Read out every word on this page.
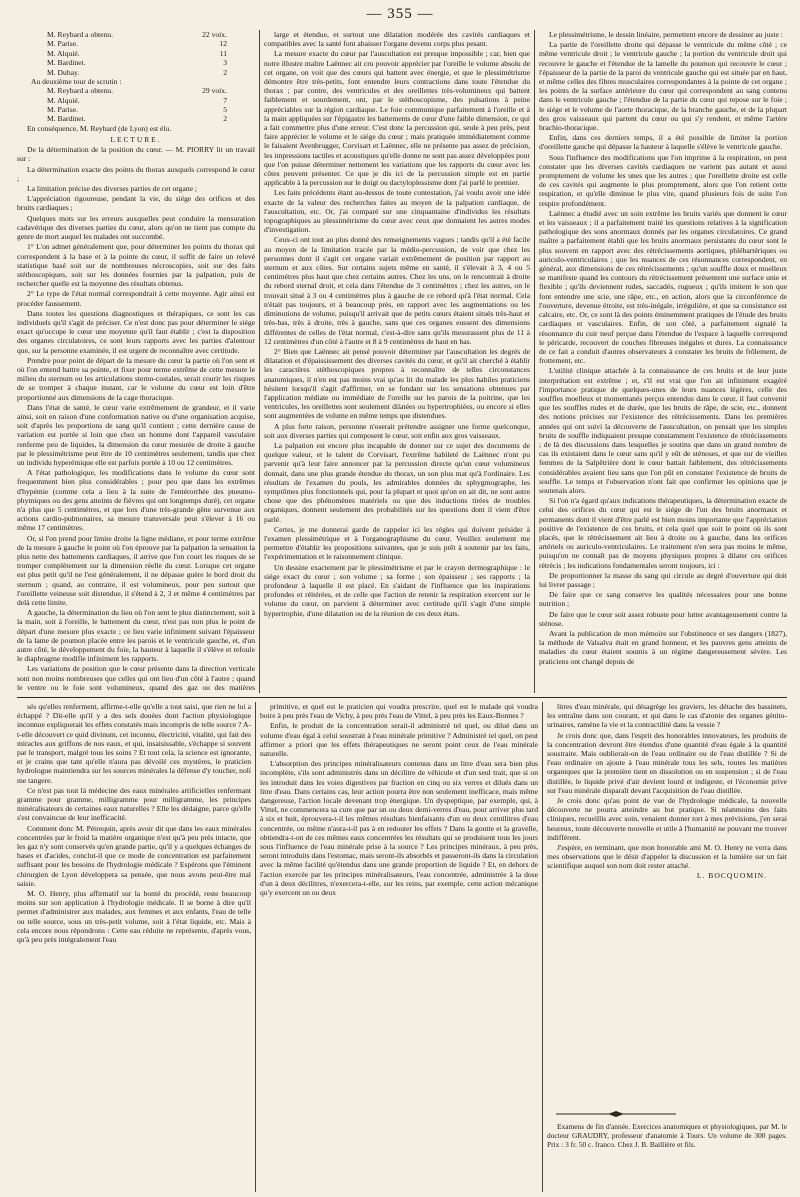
— 355 —
M. Reybard a obtenu.	22 voix.
M. Parise.	12
M. Alquié.	11
M. Bardinet.	3
M. Dubay.	2
Au deuxième tour de scrutin :
M. Reybard a obtenu.	29 voix.
M. Alquié.	7
M. Parise.	5
M. Bardinet.	2

En conséquence, M. Reybard (de Lyon) est élu.

LECTURE.

De la détermination de la position du cœur. — M. PIORRY lit un travail sur :

La détermination exacte des points du thorax auxquels correspond le cœur ;

La limitation précise des diverses parties de cet organe ;

L'appréciation rigoureuse, pendant la vie, du siége des orifices et des bruits cardiaques ;

Quelques mots sur les erreurs auxquelles peut conduire la mensuration cadavérique des diverses parties du cœur, alors qu'on ne tient pas compte du genre de mort auquel les malades ont succombé.

1° L'on admet généralement que, pour déterminer les points du thorax qui correspondent à la base et à la pointe du cœur, il suffit de faire un relevé statistique basé soit sur de nombreuses nécroscopies, soit sur des faits stéthoscopiques, soit sur les données fournies par la palpation, puis de rechercher quelle est la moyenne des résultats obtenus.

2° Le type de l'état normal correspondrait à cette moyenne. Agir ainsi est procéder faussement.

Dans toutes les questions diagnostiques et thérapiques, ce sont les cas individuels qu'il s'agit de préciser. Ce n'est donc pas pour déterminer le siége exact qu'occupe le cœur une moyenne qu'il faut établir ; c'est la disposition des organes circulatoires, ce sont leurs rapports avec les parties d'alentour que, sur la personne examinée, il est urgent de reconnaître avec certitude.

Prendre pour point de départ de la mesure du cœur la partie où l'on sent et où l'on entend battre sa pointe, et fixer pour terme extrême de cette mesure le milieu du sternum ou les articulations sterno-costales, serait courir les risques de se tromper à chaque instant, car le volume du cœur est loin d'être proportionné aux dimensions de la cage thoracique.

Dans l'état de santé, le cœur varie extrêmement de grandeur, et il varie ainsi, soit en raison d'une conformation native ou d'une organisation acquise, soit d'après les proportions de sang qu'il contient ; cette dernière cause de variation est portée si loin que chez un homme dont l'appareil vasculaire renferme peu de liquides, la dimension du cœur mesurée de droite à gauche par le plessimétrisme peut être de 10 centimètres seulement, tandis que chez un individu hyperémique elle est parfois portée à 10 ou 12 centimètres.

A l'état pathologique, les modifications dans le volume du cœur sont frequemment bien plus considérables ; pour peu que dans les extrêmes d'hypémie (comme cela a lieu à la suite de l'entérorrhée des pneumo-phymiques ou des gens atteints de fièvres qui ont longtemps duré), cet organe n'a plus que 5 centimètres, et que lors d'une très-grande gêne survenue aux actions cardio-pulmonaires, sa mesure transversale peut s'élever à 16 ou même 17 centimètres.

Or, si l'on prend pour limite droite la ligne médiane, et pour terme extrême de la mesure à gauche le point où l'on éprouve par la palpation la sensation la plus nette des battements cardiaques, il arrive que l'on court les risques de se tromper complètement sur la dimension réelle du cœur. Lorsque cet organe est plus petit qu'il ne l'est généralement, il ne dépasse guère le bord droit du sternum ; quand, au contraire, il est volumineux, pour peu surtout que l'oreillette veineuse soit distendue, il s'étend à 2, 3 et même 4 centimètres par delà cette limite.

A gauche, la détermination du lieu où l'on sent le plus distinctement, soit à la main, soit à l'oreille, le battement du cœur, n'est pas non plus le point de départ d'une mesure plus exacte ; ce lieu varie infiniment suivant l'épaisseur de la lame de poumon placée entre les parois et le ventricule gauche, et, d'un autre côté, le développement du foie, la hauteur à laquelle il s'élève et refoule le diaphragme modifie infiniment les rapports.

Les variations de position que le cœur présente dans la direction verticale sont non moins nombreuses que celles qui ont lieu d'un côté à l'autre ; quand le ventre ou le foie sont volumineux, quand des gaz ou des matières

large et étendue, et surtout une dilatation modérée des cavités cardiaques et compatibles avec la santé font abaisser l'organe devenu corps plus pesant.

La mesure exacte du cœur par l'auscultation est presque impossible ; car, bien que notre illustre maître Laënnec ait cru pouvoir apprécier par l'oreille le volume absolu de cet organe, on voit que des cœurs qui battent avec énergie, et que le plessimétrisme démontre être très-petits, font entendre leurs contractions dans toute l'étendue du thorax ; par contre, des ventricules et des oreillettes très-volumineux qui battent faiblement et sourdement, ont, par le stéthoscopisme, des pulsations à peine appréciables sur la région cardiaque. Le foie communique parfaitement à l'oreille et à la main appliquées sur l'épigastre les battements de cœur d'une faible dimension, ce qui a fait commettre plus d'une erreur. C'est donc la percussion qui, seule à peu près, peut faire apprécier le volume et le siége du cœur ; mais pratiquée immédiatement comme le faisaient Avenbrugger, Corvisart et Laënnec, elle ne présente pas assez de précision, les impressions tactiles et acoustiques qu'elle donne ne sont pas assez développées pour que l'on puisse déterminer nettement les variations que les rapports du cœur avec les côtes peuvent présenter. Ce que je dis ici de la percussion simple est en partie applicable à la percussion sur le doigt ou dactyloplessisme dont j'ai parlé le premier.

Les faits précédents étant au-dessus de toute contestation, j'ai voulu avoir une idée exacte de la valeur des recherches faites au moyen de la palpation cardiaque, de l'auscultation, etc. Or, j'ai comparé sur une cinquantaine d'individus les résultats topographiques au plessimétrisme du cœur avec ceux que donnaient les autres modes d'investigation.

Ceux-ci ont tout au plus donné des renseignements vagues ; tandis qu'il a été facile au moyen de la limitation tracée par la médio-percussion, de voir que chez les personnes dont il s'agit cet organe variait extrêmement de position par rapport au sternum et aux côtes. Sur certains sujets même en santé, il s'élevait à 3, 4 ou 5 centimètres plus haut que chez certains autres. Chez les uns, on le rencontrait à droite du rebord sternal droit, et cela dans l'étendue de 3 centimètres ; chez les autres, on le trouvait situé à 3 ou 4 centimètres plus à gauche de ce rebord qu'à l'état normal. Cela n'était pas toujours, et à beaucoup près, en rapport avec les augmentations ou les diminutions de volume, puisqu'il arrivait que de petits cœurs étaient situés très-haut et très-bas, très à droite, très à gauche, sans que ces organes eussent des dimensions différentes de celles de l'état normal, c'est-à-dire sans qu'ils mesurassent plus de 11 à 12 centimètres d'un côté à l'autre et 8 à 9 centimètres de haut en bas.

2° Bien que Laënnec ait pensé pouvoir déterminer par l'auscultation les degrés de dilatation et d'épaississement des diverses cavités du cœur, et qu'il ait cherché à établir les caractères stéthoscopiques propres à reconnaître de telles circonstances anatomiques, il n'en est pas moins vrai qu'au lit du malade les plus habiles praticiens hésitent lorsqu'il s'agit d'affirmer, en se fondant sur les sensations obtenues par l'application médiate ou immédiate de l'oreille sur les parois de la poitrine, que les ventricules, les oreillettes sont seulement dilatées ou hypertrophiées, ou encore si elles sont augmentées de volume en même temps que distendues.

A plus forte raison, personne n'oserait prétendre assigner une forme quelconque, soit aux diverses parties qui composent le cœur, soit enfin aux gros vaisseaux.

La palpation est encore plus incapable de donner sur ce sujet des documents de quelque valeur, et le talent de Corvisart, l'extrême habileté de Laënnec n'ont pu parvenir qu'à leur faire annoncer par la percussion directe qu'un cœur volumineux donnait, dans une plus grande étendue du thorax, un son plus mat qu'à l'ordinaire. Les résultats de l'examen du pouls, les admirables données du sphygmographe, les symptômes plus fonctionnels qui, pour la plupart et quoi qu'on en ait dit, ne sont autre chose que des phénomènes matériels ou que des inductions tirées de troubles organiques, donnent seulement des probabilités sur les questions dont il vient d'être parlé.

Certes, je me donnerai garde de rappeler ici les règles qui doivent présider à l'examen plessimétrique et à l'organographisme du cœur. Veuillez seulement me permettre d'établir les propositions suivantes, que je suis prêt à soutenir par les faits, l'expérimentation et le raisonnement clinique.

Un dessine exactement par le plessimétrisme et par le crayon dermographique : le siége exact du cœur ; son volume ; sa forme ; son épaisseur ; ses rapports ; la profondeur à laquelle il est placé. En s'aidant de l'influence que les inspirations profondes et réitérées, et de celle que l'action de retenir la respiration exercent sur le volume du cœur, on parvient à déterminer avec certitude qu'il s'agit d'une simple hypertrophie, d'une dilatation ou de la réunion de ces deux états.

Le plessimétrisme, le dessin linéaire, permettent encore de dessiner au juste :

La partie de l'oreillette droite qui dépasse le ventricule du même côté ; ce même ventricule droit ; le ventricule gauche ; la portion du ventricule droit qui recouvre le gauche et l'étendue de la lamelle du poumon qui recouvre le cœur ; l'épaisseur de la partie de la paroi du ventricule gauche qui est située par en haut, et même celles des fibres musculaires correspondantes à la pointe de cet organe ; les points de la surface antérieure du cœur qui correspondent au sang contenu dans le ventricule gauche ; l'étendue de la partie du cœur qui repose sur le foie ; le siége et le volume de l'aorte thoracique, de la branche gauche, et de la plupart des gros vaisseaux qui partent du cœur ou qui s'y rendent, et même l'artère brachio-thoracique.

Enfin, dans ces derniers temps, il a été possible de limiter la portion d'oreillette gauche qui dépasse la hauteur à laquelle s'élève le ventricule gauche.

Sous l'influence des modifications que l'on imprime à la respiration, on peut constater que les diverses cavités cardiaques ne varient pas autant et aussi promptement de volume les unes que les autres ; que l'oreillette droite est celle de ces cavités qui augmente le plus promptement, alors que l'on retient cette respiration, et qu'elle diminue le plus vite, quand plusieurs fois de suite l'on respire profondément.

Laënnec a étudié avec un soin extrême les bruits variés que donnent le cœur et les vaisseaux ; il a parfaitement traité les questions relatives à la signification pathologique des sons anormaux donnés par les organes circulatoires. Ce grand maître a parfaitement établi que les bruits anormaux persistants du cœur sont le plus souvent en rapport avec des rétrécissements aortiques, phlébartériques ou auriculo-ventriculaires ; que les nuances de ces résonnances correspondent, en général, aux dimensions de ces rétrécissements ; qu'un souffle doux et moelleux se manifeste quand les contours du rétrécissement présentent une surface unie et flexible ; qu'ils deviennent rudes, saccadés, rugueux ; qu'ils imitent le son que font entendre une scie, une râpe, etc., en action, alors que la circonférence de l'ouverture, devenue étroite, est très-inégale, irrégulière, et que sa consistance est calcaire, etc. Or, ce sont là des points éminemment pratiques de l'étude des bruits cardiaques et vasculaires. Enfin, de son côté, a parfaitement signalé la résonnance du cuir neuf perçue dans l'étendue de l'espace à laquelle correspond le péricarde, recouvert de couches fibreuses inégales et dures. La connaissance de ce fait a conduit d'autres observateurs à constater les bruits de frôlement, de frottement, etc.

L'utilité clinique attachée à la connaissance de ces bruits et de leur juste interprétation est extrême ; et, s'il est vrai que l'on ait infiniment exagéré l'importance pratique de quelques-unes de leurs nuances légères, celle des souffles moelleux et momentanés perçus entendus dans le cœur, il faut convenir que les souffles rudes et de durée, que les bruits de râpe, de scie, etc., donnent des notions précises sur l'existence des rétrécissements. Dans les premières années qui ont suivi la découverte de l'auscultation, on pensait que les simples bruits de souffle indiquaient presque constamment l'existence de rétrécissements ; de là des discussions dans lesquelles je soutins que dans un grand nombre de cas ils existaient dans le cœur sans qu'il y eût de sténoses, et que sur de vieilles femmes de la Salpêtrière dont le cœur battait faiblement, des rétrécissements considérables avaient lieu sans que l'on pût en constater l'existence de bruits de souffle. Le temps et l'observation n'ont fait que confirmer les opinions que je soutenais alors.

Si l'on n'a égard qu'aux indications thérapeutiques, la détermination exacte de celui des orifices du cœur qui est le siége de l'un des bruits anormaux et permanents dont il vient d'être parlé est bien moins importante que l'appréciation positive de l'existence de ces bruits, et cela quel que soit le point où ils sont placés, que le rétrécissement ait lieu à droite ou à gauche, dans les orifices artériels ou auriculo-ventriculaires. Le traitement n'en sera pas moins le même, puisqu'on ne connaît pas de moyens physiques propres à dilater ces orifices rétrécis ; les indications fondamentales seront toujours, ici :

De proportionner la masse du sang qui circule au degré d'ouverture qui doit lui livrer passage ;

De faire que ce sang conserve les qualités nécessaires pour une bonne nutrition ;

De faire que le cœur soit assez robuste pour lutter avantageusement contre la sténose.

Avant la publication de mon mémoire sur l'obstinence et ses dangers (1827), la méthode de Valsalva était en grand honneur, et les pauvres gens atteints de maladies du cœur étaient soumis à un régime dangereusement sévère. Les praticiens ont changé depuis de

sés qu'elles renferment, affirme-t-elle qu'elle a tout saisi, que rien ne lui a échappé ? Dit-elle qu'il y a des sels douées dont l'action physiologique inconnue expliquerait les effets constatés mais incompris de telle source ? A-t-elle découvert ce quid divinum, cet inconnu, électricité, vitalité, qui fait des miracles aux griffons de nos eaux, et qui, insaisissable, s'échappe si souvent par le transport, malgré tous les soins ? Et tout cela, la science est ignorante, et je crains que tant qu'elle n'aura pas dévoilé ces mystères, le praticien hydrologue maintiendra sur les sources minérales la défense d'y toucher, noli me tangere.

Ce n'est pas tout là médecine des eaux minérales artificielles renfermant gramme pour gramme, milligramme pour milligramme, les principes minéralisateurs de certaines eaux naturelles ? Elle les dédaigne, parce qu'elle s'est convaincue de leur inefficacité.

Comment donc M. Pétrequin, après avoir dit que dans les eaux minérales concentrées par le froid la matière organique n'est qu'à peu près intacte, que les gaz n'y sont conservés qu'en grande partie, qu'il y a quelques échanges de bases et d'acides, conclut-il que ce mode de concentration est parfaitement suffisant pour les besoins de l'hydrologie médicale ? Espérons que l'éminent chirurgien de Lyon développera sa pensée, que nous avons peut-être mal saisie.

M. O. Henry, plus affirmatif sur la bonté du procédé, reste beaucoup moins sur son application à l'hydrologie médicale. Il se borne à dire qu'il permet d'administrer aux malades, aux femmes et aux enfants, l'eau de telle ou telle source, sous un très-petit volume, soit à l'état liquide, etc. Mais à cela encore nous répondrons : Cette eau réduite ne représente, d'après vous, qu'à peu près intégralement l'eau

primitive, et quel est le praticien qui voudra prescrire, quel est le malade qui voudra boire à peu près l'eau de Vichy, à peu près l'eau de Vittel, à peu près les Eaux-Bonnes ?

Enfin, le produit de la concentration serait-il administré tel quel, ou dilué dans un volume d'eau égal à celui soustrait à l'eau minérale primitive ? Administré tel quel, on peut affirmer a priori que les effets thérapeutiques ne seront point ceux de l'eau minérale naturelle.

L'absorption des principes minéralisateurs contenus dans un litre d'eau sera bien plus incomplète, s'ils sont administrés dans un décilitre de véhicule et d'un seul trait, que si on les introduit dans les voies digestives par fraction en cinq ou six verres et dilués dans un litre d'eau. Dans certains cas, leur action pourra être non seulement inefficace, mais même dangereuse, l'action locale devenant trop énergique. Un dyspeptique, par exemple, qui, à Vittel, ne commencera sa cure que par un ou deux demi-verres d'eau, pour arriver plus tard à six et huit, éprouvera-t-il les mêmes résultats bienfaisants d'un ou deux centilitres d'eau concentrée, ou même n'aura-t-il pas à en redouter les effets ? Dans la goutte et la gravelle, obtiendra-t-on de ces mêmes eaux concentrées les résultats qui se produisent tous les jours sous l'influence de l'eau minérale prise à la source ? Les principes minéraux, à peu près, seront introduits dans l'estomac, mais seront-ils absorbés et passeront-ils dans la circulation avec la même facilité qu'étendus dans une grande proportion de liquide ? Et, en dehors de l'action exercée par les principes minéralisateurs, l'eau concentrée, administrée à la dose d'un à deux décilitres, n'exercera-t-elle, sur les reins, par exemple, cette action mécanique qu'y exercent un ou deux

litres d'eau minérale, qui désagrège les graviers, les détache des bassinets, les entraîne dans son courant, et qui dans le cas d'atonie des organes génito-urinaires, ramène la vie et la contractilité dans la vessie ?

Je crois donc que, dans l'esprit des honorables innovateurs, les produits de la concentration devront être étendus d'une quantité d'eau égale à la quantité soustraite. Mais oublierait-on de l'eau ordinaire ou de l'eau distillée ? Si de l'eau ordinaire on ajoute à l'eau minérale tous les sels, toutes les matières organiques que la première tient en dissolution ou en suspension ; si de l'eau distillée, le liquide privé d'air devient lourd et indigeste, et l'économie prive sur l'eau minérale disparaît devant l'acquisition de l'eau distillée.

Je crois donc qu'au point de vue de l'hydrologie médicale, la nouvelle découverte ne pourra atteindre au but pratique. Si néanmoins des faits cliniques, recueillis avec soin, venaient donner tort à mes prévisions, j'en serai heureux, toute découverte nouvelle et utile à l'humanité ne pouvant me trouver indifférent.

J'espère, en terminant, que mon honorable ami M. O. Henry ne verra dans mes observations que le désir d'appeler la discussion et la lumière sur un fait scientifique auquel son nom doit rester attaché.

L. BOCQUOMIN.

Examens de fin d'année. Exercices anatomiques et physiologiques, par M. le docteur GRAUDRY, professeur d'anatomie à Tours. Un volume de 300 pages. Prix : 3 fr. 50 c. franco. Chez J. B. Baillière et fils.
